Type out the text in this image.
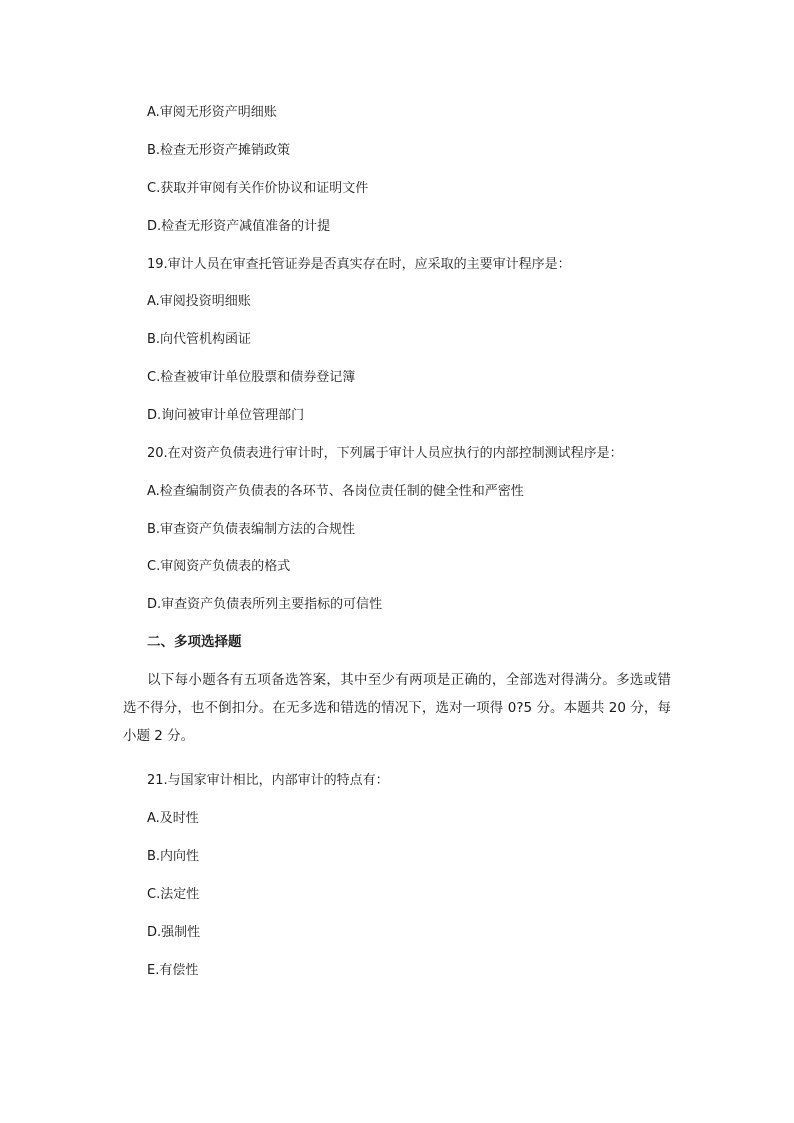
A.审阅无形资产明细账
B.检查无形资产摊销政策
C.获取并审阅有关作价协议和证明文件
D.检查无形资产减值准备的计提
19.审计人员在审查托管证券是否真实存在时，应采取的主要审计程序是：
A.审阅投资明细账
B.向代管机构函证
C.检查被审计单位股票和债券登记簿
D.询问被审计单位管理部门
20.在对资产负债表进行审计时，下列属于审计人员应执行的内部控制测试程序是：
A.检查编制资产负债表的各环节、各岗位责任制的健全性和严密性
B.审查资产负债表编制方法的合规性
C.审阅资产负债表的格式
D.审查资产负债表所列主要指标的可信性
二、多项选择题
以下每小题各有五项备选答案，其中至少有两项是正确的，全部选对得满分。多选或错选不得分，也不倒扣分。在无多选和错选的情况下，选对一项得 0?5 分。本题共 20 分，每小题 2 分。
21.与国家审计相比，内部审计的特点有：
A.及时性
B.内向性
C.法定性
D.强制性
E.有偿性
